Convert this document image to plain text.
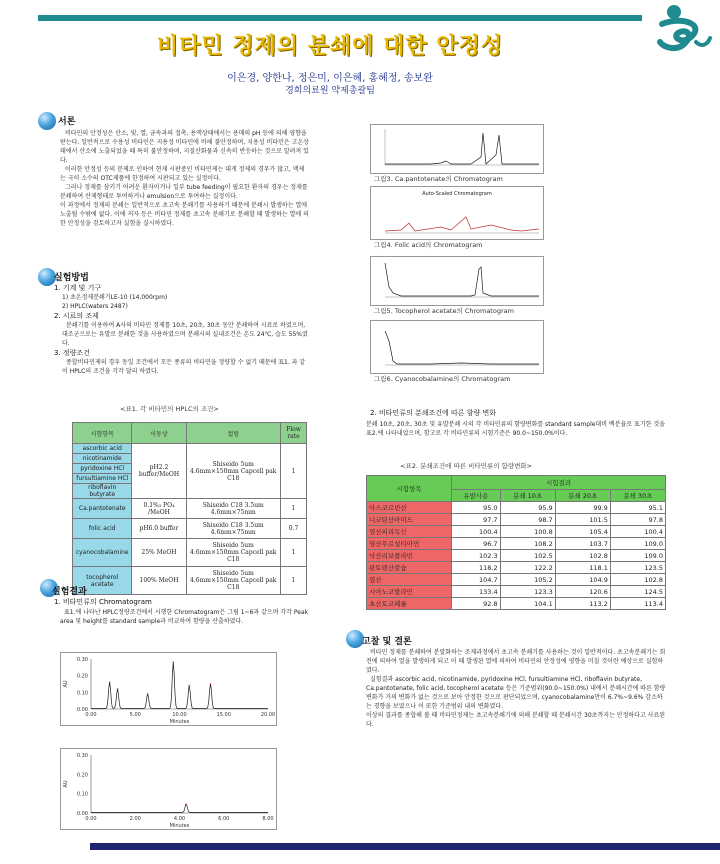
비타민 정제의 분쇄에 대한 안정성
이은경, 양한나, 정은미, 이은혜, 홍혜정, 송보완
경희의료원 약제총괄팀
서론
비타민의 안정성은 산소, 빛, 열, 금속과의 접촉, 용액상태에서는 용매의 pH 등에 의해 영향을 받는다. 일반적으로 수용성 비타민은 지용성 비타민에 비해 불안정하며, 지용성 비타민은 고온상태에서 산소에 노출되었을 때 특히 불안정하며, 지질산화물과 신속히 반응하는 것으로 알려져 있다.
이러한 안정성 등의 문제로 인하여 현재 시판중인 비타민제는 대게 정제의 경우가 많고, 액제는 극히 소수의 OTC제품에 한정하여 시판되고 있는 실정이다.
그러나 정제를 삼키기 어려운 환자이거나 일부 tube feeding이 필요한 환자의 경우는 정제를 분쇄하여 산제형태로 투여하거나 emulsion으로 투여하는 실정이다.
이 과정에서 정제의 분쇄는 일반적으로 초고속 분쇄기를 사용하기 때문에 분쇄시 발생하는 열에 노출될 수밖에 없다. 이에 저자 등은 비타민 정제를 초고속 분쇄기로 분쇄할 때 발생하는 열에 의한 안정성을 검토하고자 실험을 실시하였다.
실험방법
1. 기계 및 기구
1) 초온정제분쇄기LE-10 (14,000rpm)
2) HPLC(waters 2487)
2. 시료의 조제
분쇄기를 이용하여 A사의 비타민 정제를 10초, 20초, 30초 동안 분쇄하여 시료로 하였으며, 대조군으로는 유발로 분쇄한 것을 사용하였으며 분쇄시의 실내조건은 온도 24℃, 습도 55%였다.
3. 정량조건
종합비타민제의 경우 동일 조건에서 모든 종류의 비타민을 정량할 수 없기 때문에 표1. 과 같이 HPLC의 조건을 각각 달리 하였다.
<표1. 각 비타민의 HPLC의 조건>
시험항목	이동상	컬럼	Flow rate
ascorbic acid	pH2.2 buffer/MeOH	Shiseido 5um 4.6mm×150mm Capcell pak C18	1
nicotinamide			
pyridoxine HCl			
fursultiamine HCl			
riboflavin butyrate			
Ca.pantotenate	0.1%₃ PO₄ /MeOH	Shiseido C18 3.5um 4.6mm×75mm	1
folic acid	pH6.0 buffer	Shiseido C18 3.5um 4.6mm×75mm	0.7
cyanocobalamine	25% MeOH	Shiseido 5um 4.6mm×150mm Capcell pak C18	1
tocopherol acetate	100% MeOH	Shiseido 5um 4.6mm×150mm Capcell pak C18	1
실험결과
1. 비타민류의 Chromatogram
표1.에 나타난 HPLC정량조건에서 시행한 Chromatogram은 그림 1~6과 같으며 각각 Peak area 및 height를 standard sample과 비교하여 함량을 산출하였다.
0.30
0.20
0.10
0.00
0.00	5.00	10.00	15.00	20.00
Minutes
AU
0.30
0.20
0.10
0.00
0.00	2.00	4.00	6.00	8.00
Minutes
AU
그림3. Ca.pantotenate의 Chromatogram
Auto-Scaled Chromatogram
그림4. Folic acid의 Chromatogram
그림5. Tocopherol acetate의 Chromatogram
그림6. Cyanocobalamine의 Chromatogram
2. 비타민류의 분쇄조건에 따른 함량 변화
분쇄 10초, 20초, 30초 및 유발분쇄 시의 각 비타민류의 함량변화를 standard sample대비 백분율로 표기한 것을 표2.에 나타내었으며, 함고로 각 비타민류의 시험기준은 90.0~150.0%이다.
<표2. 분쇄조건에 따른 비타민류의 함량변화>
시험항목	시험결과			
	유발사용	분쇄 10초	분쇄 20초	분쇄 30초
아스코르빈산	95.0	95.9	99.9	95.1
니코틴산아미드	97.7	98.7	101.5	97.8
염산피리독신	100.4	100.8	105.4	100.4
염산푸르설티아민	96.7	108.2	103.7	109.0
낙산리보플라빈	102.3	102.5	102.8	109.0
판토텐산칼슘	118.2	122.2	118.1	123.5
엽산	104.7	105.2	104.9	102.8
시아노코발라민	133.4	123.3	120.6	124.5
초산토코페롤	92.8	104.1	113.2	113.4
고찰 및 결론
비타민 정제를 분쇄하여 분말화하는 조제과정에서 초고속 분쇄기를 사용하는 것이 일반적이다. 초고속분쇄기는 회전에 의하여 열을 발생하게 되고 이 때 발생된 열에 의하여 비타민의 안정성에 영향을 미칠 것이란 예상으로 실험하였다.
실험결과 ascorbic acid, nicotinamide, pyridoxine HCl, fursultiamine HCl, riboflavin butyrate, Ca.pantotenate, folic acid, tocopherol acetate 등은 기준범위(90.0~150.0%) 내에서 분쇄시간에 따른 함량변화가 거의 변화가 없는 것으로 보아 안정한 것으로 판단되었으며, cyanocobalamine만이 6.7%~9.6% 감소하는 경향을 보였으나 이 또한 기준범위 내의 변화였다.
이상의 결과를 종합해 볼 때 비타민정제는 초고속분쇄기에 의해 분쇄할 때 분쇄시간 30초까지는 안정하다고 사료된다.
